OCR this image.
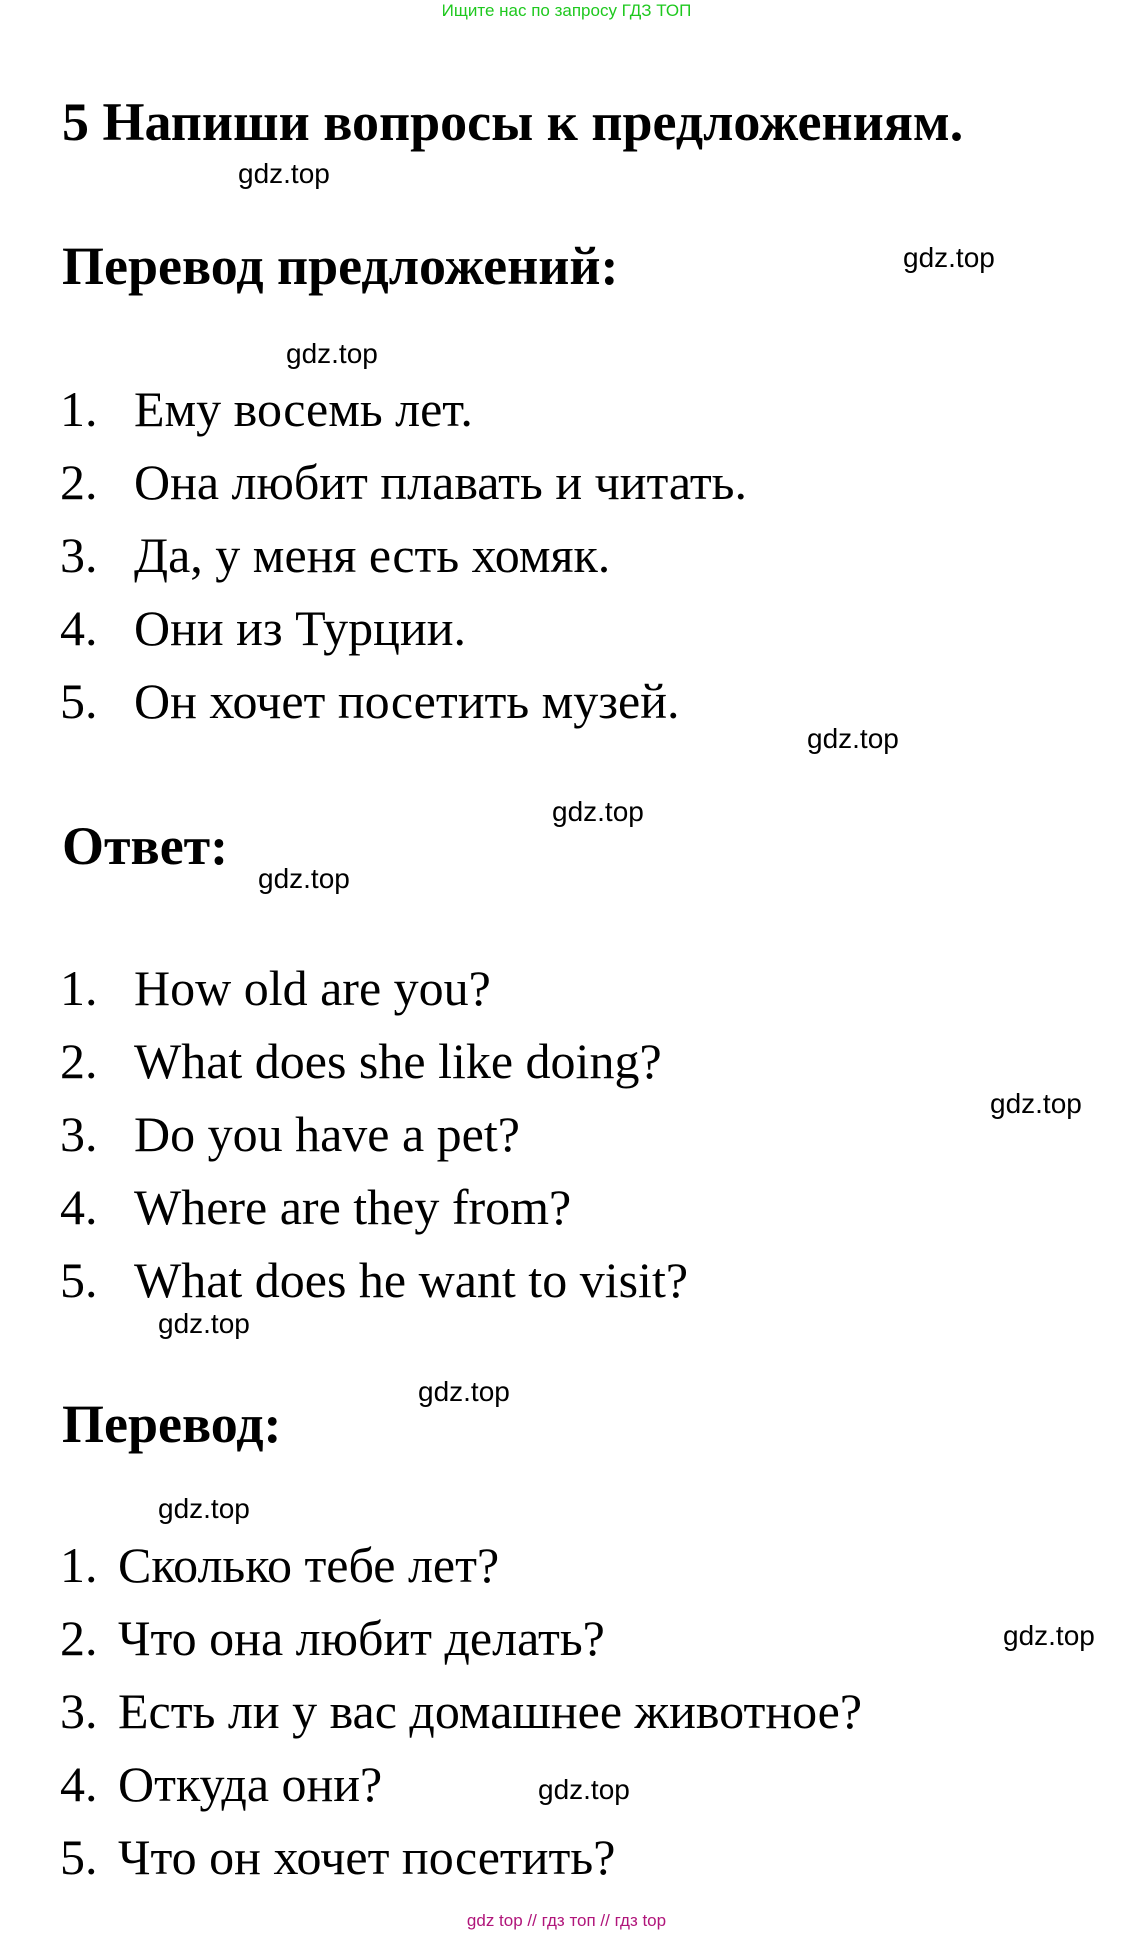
Ищите нас по запросу ГДЗ ТОП
5 Напиши вопросы к предложениям.
Перевод предложений:
1. Ему восемь лет.
2. Она любит плавать и читать.
3. Да, у меня есть хомяк.
4. Они из Турции.
5. Он хочет посетить музей.
Ответ:
1. How old are you?
2. What does she like doing?
3. Do you have a pet?
4. Where are they from?
5. What does he want to visit?
Перевод:
1. Сколько тебе лет?
2. Что она любит делать?
3. Есть ли у вас домашнее животное?
4. Откуда они?
5. Что он хочет посетить?
gdz.top
gdz.top
gdz.top
gdz.top
gdz.top
gdz.top
gdz.top
gdz.top
gdz.top
gdz.top
gdz.top
gdz.top
gdz top // гдз топ // гдз top
